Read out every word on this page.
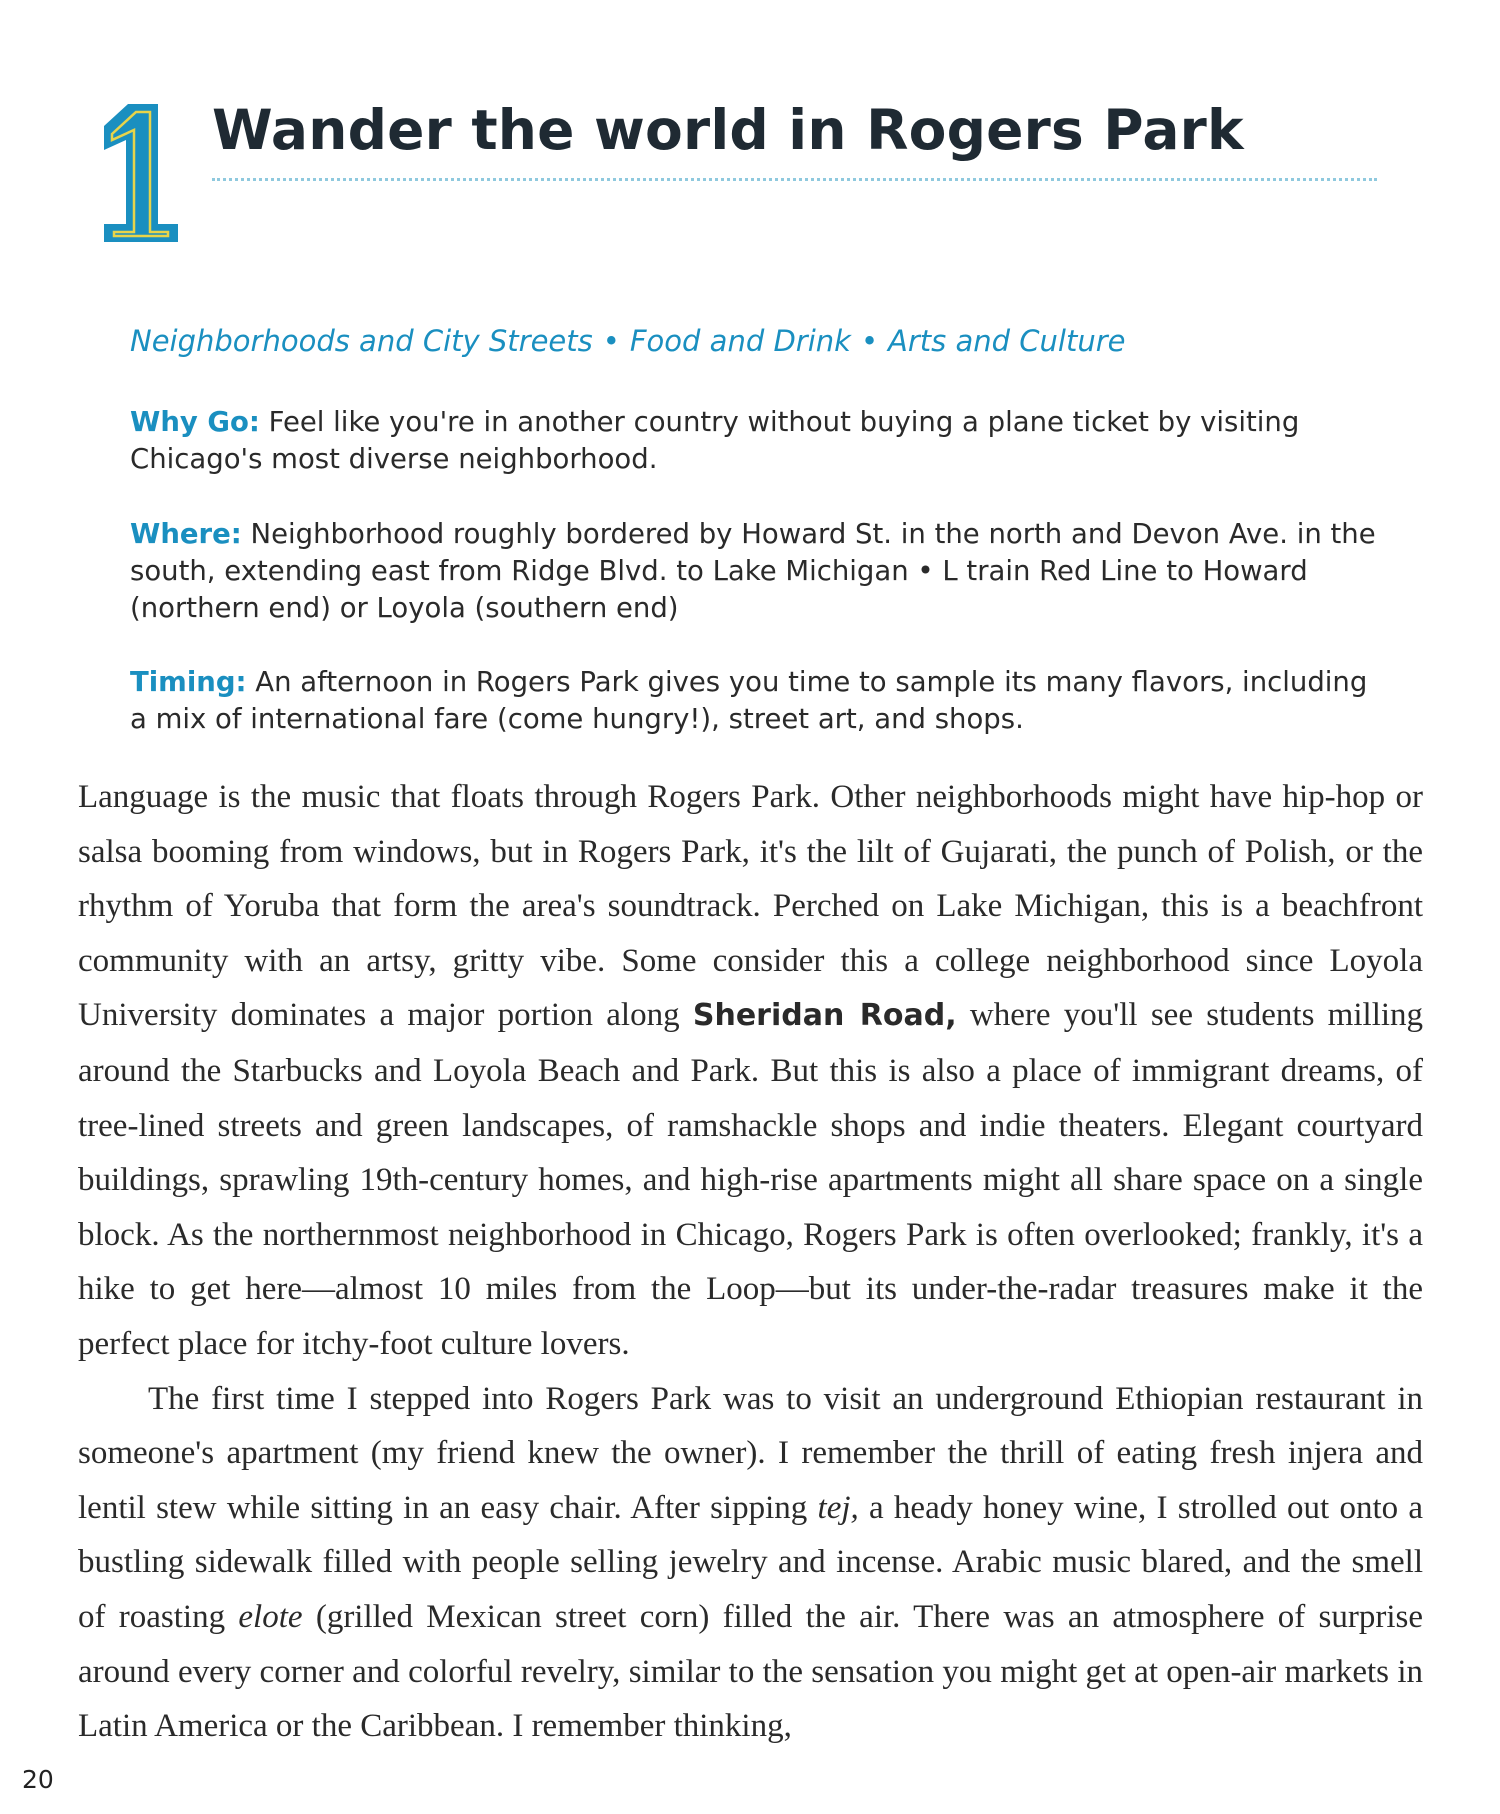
Wander the world in Rogers Park
Neighborhoods and City Streets • Food and Drink • Arts and Culture
Why Go: Feel like you're in another country without buying a plane ticket by visiting Chicago's most diverse neighborhood.
Where: Neighborhood roughly bordered by Howard St. in the north and Devon Ave. in the south, extending east from Ridge Blvd. to Lake Michigan • L train Red Line to Howard (northern end) or Loyola (southern end)
Timing: An afternoon in Rogers Park gives you time to sample its many flavors, including a mix of international fare (come hungry!), street art, and shops.

Language is the music that floats through Rogers Park. Other neighborhoods might have hip-hop or salsa booming from windows, but in Rogers Park, it's the lilt of Gujarati, the punch of Polish, or the rhythm of Yoruba that form the area's soundtrack. Perched on Lake Michigan, this is a beachfront community with an artsy, gritty vibe. Some consider this a college neighborhood since Loyola University dominates a major portion along Sheridan Road, where you'll see students milling around the Starbucks and Loyola Beach and Park. But this is also a place of immigrant dreams, of tree-lined streets and green landscapes, of ramshackle shops and indie theaters. Elegant courtyard buildings, sprawling 19th-century homes, and high-rise apartments might all share space on a single block. As the northernmost neighborhood in Chicago, Rogers Park is often overlooked; frankly, it's a hike to get here—almost 10 miles from the Loop—but its under-the-radar treasures make it the perfect place for itchy-foot culture lovers.

The first time I stepped into Rogers Park was to visit an underground Ethiopian restaurant in someone's apartment (my friend knew the owner). I remember the thrill of eating fresh injera and lentil stew while sitting in an easy chair. After sipping tej, a heady honey wine, I strolled out onto a bustling sidewalk filled with people selling jewelry and incense. Arabic music blared, and the smell of roasting elote (grilled Mexican street corn) filled the air. There was an atmosphere of surprise around every corner and colorful revelry, similar to the sensation you might get at open-air markets in Latin America or the Caribbean. I remember thinking,

20
